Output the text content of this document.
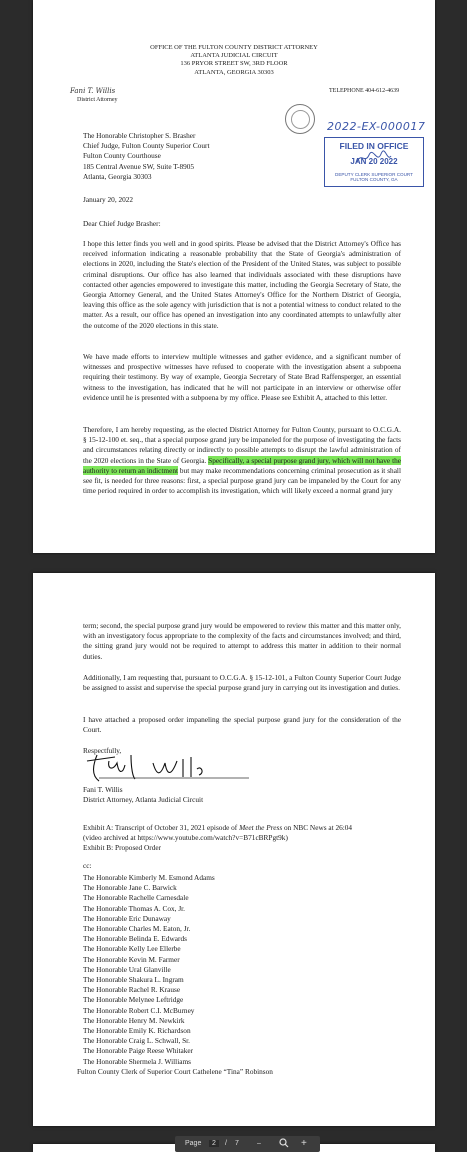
OFFICE OF THE FULTON COUNTY DISTRICT ATTORNEY
ATLANTA JUDICIAL CIRCUIT
136 PRYOR STREET SW, 3RD FLOOR
ATLANTA, GEORGIA 30303
Fani T. Willis
District Attorney
TELEPHONE 404-612-4639
2022-EX-000017
FILED IN OFFICE
JAN 20 2022
DEPUTY CLERK SUPERIOR COURT
FULTON COUNTY, GA
The Honorable Christopher S. Brasher
Chief Judge, Fulton County Superior Court
Fulton County Courthouse
185 Central Avenue SW, Suite T-8905
Atlanta, Georgia 30303
January 20, 2022
Dear Chief Judge Brasher:
I hope this letter finds you well and in good spirits. Please be advised that the District Attorney's Office has received information indicating a reasonable probability that the State of Georgia's administration of elections in 2020, including the State's election of the President of the United States, was subject to possible criminal disruptions. Our office has also learned that individuals associated with these disruptions have contacted other agencies empowered to investigate this matter, including the Georgia Secretary of State, the Georgia Attorney General, and the United States Attorney's Office for the Northern District of Georgia, leaving this office as the sole agency with jurisdiction that is not a potential witness to conduct related to the matter. As a result, our office has opened an investigation into any coordinated attempts to unlawfully alter the outcome of the 2020 elections in this state.
We have made efforts to interview multiple witnesses and gather evidence, and a significant number of witnesses and prospective witnesses have refused to cooperate with the investigation absent a subpoena requiring their testimony. By way of example, Georgia Secretary of State Brad Raffensperger, an essential witness to the investigation, has indicated that he will not participate in an interview or otherwise offer evidence until he is presented with a subpoena by my office. Please see Exhibit A, attached to this letter.
Therefore, I am hereby requesting, as the elected District Attorney for Fulton County, pursuant to O.C.G.A. § 15-12-100 et. seq., that a special purpose grand jury be impaneled for the purpose of investigating the facts and circumstances relating directly or indirectly to possible attempts to disrupt the lawful administration of the 2020 elections in the State of Georgia. Specifically, a special purpose grand jury, which will not have the authority to return an indictment but may make recommendations concerning criminal prosecution as it shall see fit, is needed for three reasons: first, a special purpose grand jury can be impaneled by the Court for any time period required in order to accomplish its investigation, which will likely exceed a normal grand jury
term; second, the special purpose grand jury would be empowered to review this matter and this matter only, with an investigatory focus appropriate to the complexity of the facts and circumstances involved; and third, the sitting grand jury would not be required to attempt to address this matter in addition to their normal duties.
Additionally, I am requesting that, pursuant to O.C.G.A. § 15-12-101, a Fulton County Superior Court Judge be assigned to assist and supervise the special purpose grand jury in carrying out its investigation and duties.
I have attached a proposed order impaneling the special purpose grand jury for the consideration of the Court.
Respectfully,
Fani T. Willis
District Attorney, Atlanta Judicial Circuit
Exhibit A: Transcript of October 31, 2021 episode of Meet the Press on NBC News at 26:04
(video archived at https://www.youtube.com/watch?v=B71cBRPgt9k)
Exhibit B: Proposed Order
cc:
The Honorable Kimberly M. Esmond Adams
The Honorable Jane C. Barwick
The Honorable Rachelle Carnesdale
The Honorable Thomas A. Cox, Jr.
The Honorable Eric Dunaway
The Honorable Charles M. Eaton, Jr.
The Honorable Belinda E. Edwards
The Honorable Kelly Lee Ellerbe
The Honorable Kevin M. Farmer
The Honorable Ural Glanville
The Honorable Shakura L. Ingram
The Honorable Rachel R. Krause
The Honorable Melynee Leftridge
The Honorable Robert C.I. McBurney
The Honorable Henry M. Newkirk
The Honorable Emily K. Richardson
The Honorable Craig L. Schwall, Sr.
The Honorable Paige Reese Whitaker
The Honorable Shermela J. Williams
Fulton County Clerk of Superior Court Cathelene “Tina” Robinson
Page	2	/ 7	–	+
